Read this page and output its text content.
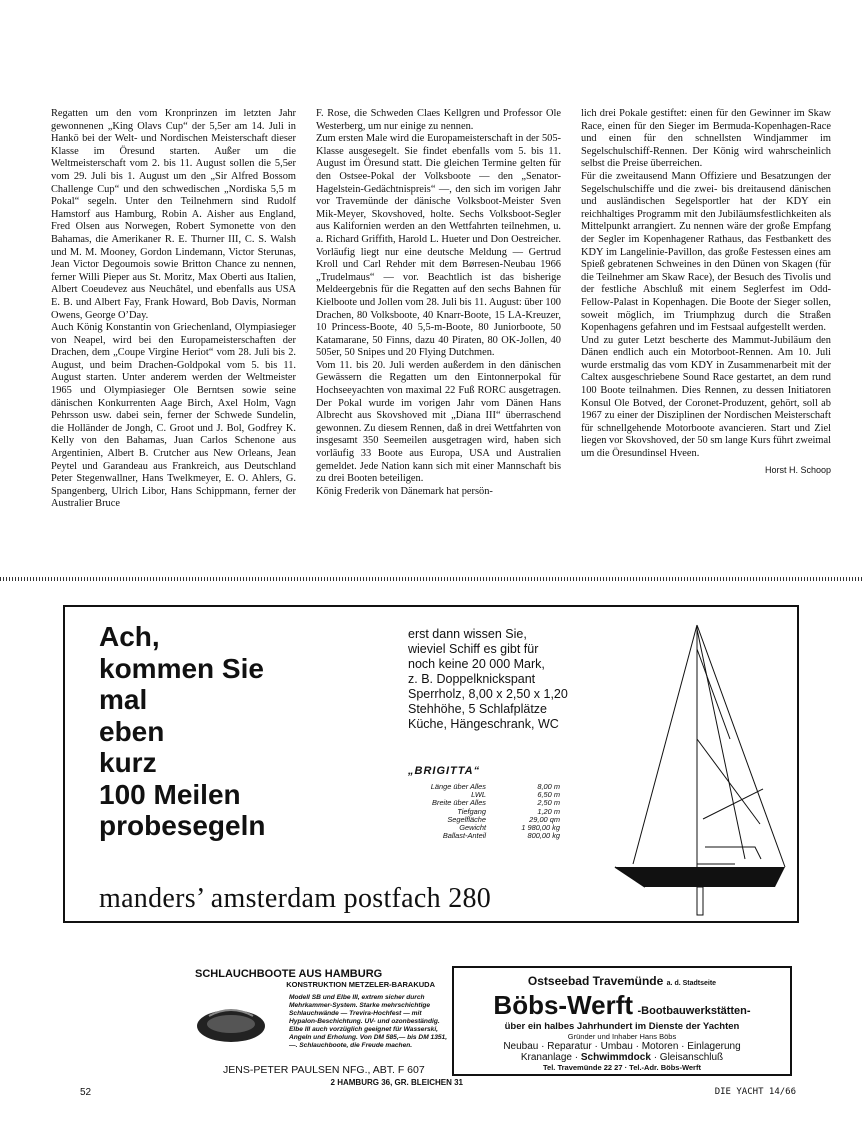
Regatten um den vom Kronprinzen im letzten Jahr gewonnenen „King Olavs Cup“ der 5,5er am 14. Juli in Hankö bei der Welt- und Nordischen Meisterschaft dieser Klasse im Öresund starten. Außer um die Weltmeisterschaft vom 2. bis 11. August sollen die 5,5er vom 29. Juli bis 1. August um den „Sir Alfred Bossom Challenge Cup“ und den schwedischen „Nordiska 5,5 m Pokal“ segeln. Unter den Teilnehmern sind Rudolf Hamstorf aus Hamburg, Robin A. Aisher aus England, Fred Olsen aus Norwegen, Robert Symonette von den Bahamas, die Amerikaner R. E. Thurner III, C. S. Walsh und M. M. Mooney, Gordon Lindemann, Victor Sterunas, Jean Victor Degoumois sowie Britton Chance zu nennen, ferner Willi Pieper aus St. Moritz, Max Oberti aus Italien, Albert Coeudevez aus Neuchâtel, und ebenfalls aus USA E. B. und Albert Fay, Frank Howard, Bob Davis, Norman Owens, George O’Day.

Auch König Konstantin von Griechenland, Olympiasieger von Neapel, wird bei den Europameisterschaften der Drachen, dem „Coupe Virgine Heriot“ vom 28. Juli bis 2. August, und beim Drachen-Goldpokal vom 5. bis 11. August starten. Unter anderem werden der Weltmeister 1965 und Olympiasieger Ole Berntsen sowie seine dänischen Konkurrenten Aage Birch, Axel Holm, Vagn Pehrsson usw. dabei sein, ferner der Schwede Sundelin, die Holländer de Jongh, C. Groot und J. Bol, Godfrey K. Kelly von den Bahamas, Juan Carlos Schenone aus Argentinien, Albert B. Crutcher aus New Orleans, Jean Peytel und Garandeau aus Frankreich, aus Deutschland Peter Stegenwallner, Hans Twelkmeyer, E. O. Ahlers, G. Spangenberg, Ulrich Libor, Hans Schippmann, ferner der Australier Bruce

F. Rose, die Schweden Claes Kellgren und Professor Ole Westerberg, um nur einige zu nennen.

Zum ersten Male wird die Europameisterschaft in der 505-Klasse ausgesegelt. Sie findet ebenfalls vom 5. bis 11. August im Öresund statt. Die gleichen Termine gelten für den Ostsee-Pokal der Volksboote — den „Senator-Hagelstein-Gedächtnispreis“ —, den sich im vorigen Jahr vor Travemünde der dänische Volksboot-Meister Sven Mik-Meyer, Skovshoved, holte. Sechs Volksboot-Segler aus Kalifornien werden an den Wettfahrten teilnehmen, u. a. Richard Griffith, Harold L. Hueter und Don Oestreicher. Vorläufig liegt nur eine deutsche Meldung — Gertrud Kroll und Carl Rehder mit dem Børresen-Neubau 1966 „Trudelmaus“ — vor. Beachtlich ist das bisherige Meldeergebnis für die Regatten auf den sechs Bahnen für Kielboote und Jollen vom 28. Juli bis 11. August: über 100 Drachen, 80 Volksboote, 40 Knarr-Boote, 15 LA-Kreuzer, 10 Princess-Boote, 40 5,5-m-Boote, 80 Juniorboote, 50 Katamarane, 50 Finns, dazu 40 Piraten, 80 OK-Jollen, 40 505er, 50 Snipes und 20 Flying Dutchmen.

Vom 11. bis 20. Juli werden außerdem in den dänischen Gewässern die Regatten um den Eintonnerpokal für Hochseeyachten von maximal 22 Fuß RORC ausgetragen. Der Pokal wurde im vorigen Jahr vom Dänen Hans Albrecht aus Skovshoved mit „Diana III“ überraschend gewonnen. Zu diesem Rennen, daß in drei Wettfahrten von insgesamt 350 Seemeilen ausgetragen wird, haben sich vorläufig 33 Boote aus Europa, USA und Australien gemeldet. Jede Nation kann sich mit einer Mannschaft bis zu drei Booten beteiligen.

König Frederik von Dänemark hat persön-

lich drei Pokale gestiftet: einen für den Gewinner im Skaw Race, einen für den Sieger im Bermuda-Kopenhagen-Race und einen für den schnellsten Windjammer im Segelschulschiff-Rennen. Der König wird wahrscheinlich selbst die Preise überreichen.

Für die zweitausend Mann Offiziere und Besatzungen der Segelschulschiffe und die zwei- bis dreitausend dänischen und ausländischen Segelsportler hat der KDY ein reichhaltiges Programm mit den Jubiläumsfestlichkeiten als Mittelpunkt arrangiert. Zu nennen wäre der große Empfang der Segler im Kopenhagener Rathaus, das Festbankett des KDY im Langelinie-Pavillon, das große Festessen eines am Spieß gebratenen Schweines in den Dünen von Skagen (für die Teilnehmer am Skaw Race), der Besuch des Tivolis und der festliche Abschluß mit einem Seglerfest im Odd-Fellow-Palast in Kopenhagen. Die Boote der Sieger sollen, soweit möglich, im Triumphzug durch die Straßen Kopenhagens gefahren und im Festsaal aufgestellt werden.

Und zu guter Letzt bescherte des Mammut-Jubiläum den Dänen endlich auch ein Motorboot-Rennen. Am 10. Juli wurde erstmalig das vom KDY in Zusammenarbeit mit der Caltex ausgeschriebene Sound Race gestartet, an dem rund 100 Boote teilnahmen. Dies Rennen, zu dessen Initiatoren Konsul Ole Botved, der Coronet-Produzent, gehört, soll ab 1967 zu einer der Disziplinen der Nordischen Meisterschaft für schnellgehende Motorboote avancieren. Start und Ziel liegen vor Skovshoved, der 50 sm lange Kurs führt zweimal um die Öresundinsel Hveen.

Horst H. Schoop
Ach,
kommen Sie
mal
eben
kurz
100 Meilen
probesegeln
erst dann wissen Sie,
wieviel Schiff es gibt für
noch keine 20 000 Mark,
z. B. Doppelknickspant
Sperrholz, 8,00 x 2,50 x 1,20
Stehhöhe, 5 Schlafplätze
Küche, Hängeschrank, WC
„BRIGITTA“
Länge über Alles	8,00 m
LWL	6,50 m
Breite über Alles	2,50 m
Tiefgang	1,20 m
Segelfläche	29,00 qm
Gewicht	1 980,00 kg
Ballast-Anteil	800,00 kg
manders’ amsterdam postfach 280
SCHLAUCHBOOTE AUS HAMBURG
KONSTRUKTION METZELER-BARAKUDA
Modell SB und Elbe III, extrem sicher durch Mehrkammer-System. Starke mehrschichtige Schlauchwände — Trevira-Hochfest — mit Hypalon-Beschichtung. UV- und ozonbeständig. Elbe III auch vorzüglich geeignet für Wasserski, Angeln und Erholung. Von DM 585,— bis DM 1351,—. Schlauchboote, die Freude machen.
JENS-PETER PAULSEN NFG., ABT. F 607
2 HAMBURG 36, GR. BLEICHEN 31
Ostseebad Travemünde a. d. Stadtseite
Böbs-Werft -Bootbauwerkstätten-
über ein halbes Jahrhundert im Dienste der Yachten
Gründer und Inhaber Hans Böbs
Neubau · Reparatur · Umbau · Motoren · Einlagerung
Krananlage · Schwimmdock · Gleisanschluß
Tel. Travemünde 22 27 · Tel.-Adr. Böbs-Werft
52	DIE YACHT 14/66
